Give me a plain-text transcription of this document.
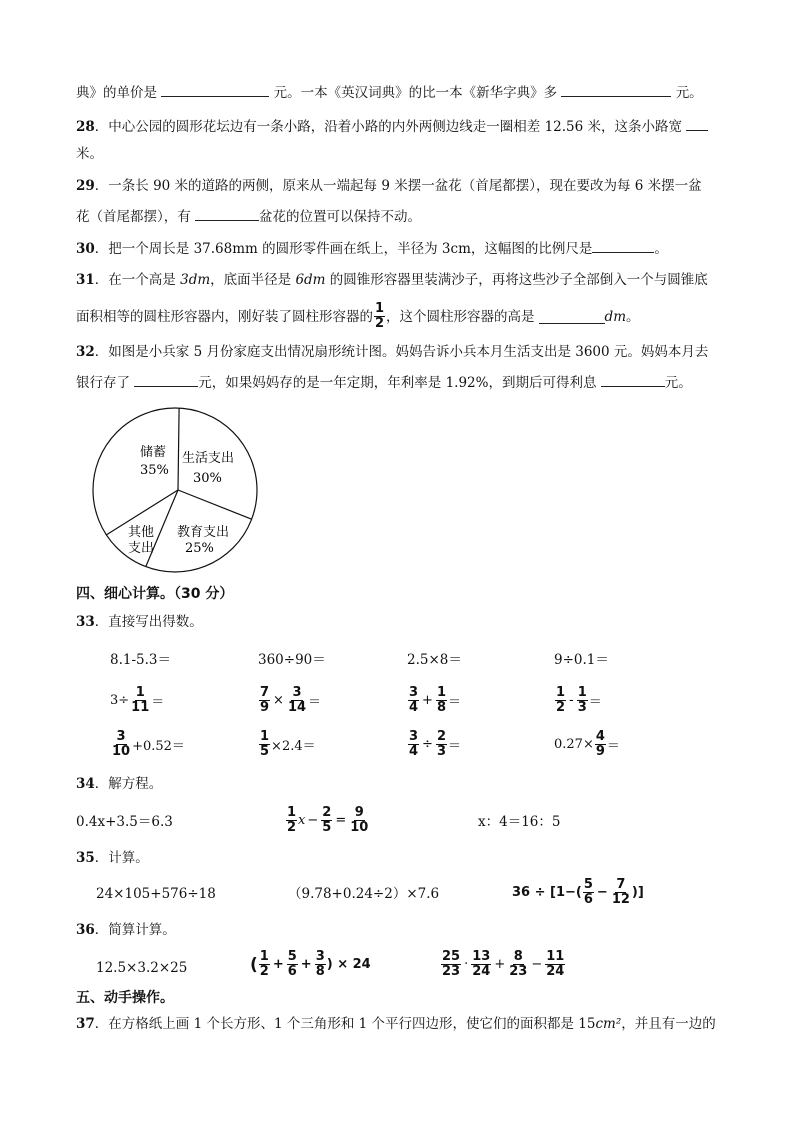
典》的单价是	元。一本《英汉词典》的比一本《新华字典》多	元。
28．中心公园的圆形花坛边有一条小路，沿着小路的内外两侧边线走一圈相差 12.56 米，这条小路宽
米。
29．一条长 90 米的道路的两侧，原来从一端起每 9 米摆一盆花（首尾都摆），现在要改为每 6 米摆一盆
花（首尾都摆），有	盆花的位置可以保持不动。
30．把一个周长是 37.68mm 的圆形零件画在纸上，半径为 3cm，这幅图的比例尺是	。
31．在一个高是 3dm，底面半径是 6dm 的圆锥形容器里装满沙子，再将这些沙子全部倒入一个与圆锥底
面积相等的圆柱形容器内，刚好装了圆柱形容器的 $\frac{1}{2}$ ，这个圆柱形容器的高是	dm 。
32．如图是小兵家 5 月份家庭支出情况扇形统计图。妈妈告诉小兵本月生活支出是 3600 元。妈妈本月去
银行存了	元，如果妈妈存的是一年定期，年利率是 1.92%，到期后可得利息	元。
生活支出
30%
教育支出
25%
其他
支出
储蓄
35%
四、细心计算。（30 分）
33．直接写出得数。
8.1-5.3＝	360÷90＝	2.5×8＝	9÷0.1＝
$3\div \frac{1}{11}$ ＝	$\frac{7}{9} \times \frac{3}{14}$ ＝	$\frac{3}{4} + \frac{1}{8}$ ＝	$\frac{1}{2} - \frac{1}{3}$ ＝
$\frac{3}{10} +0.52=$	$\frac{1}{5} \times 2.4=$	$\frac{3}{4} \div \frac{2}{3}$ ＝	$0.27\times \frac{4}{9}$ ＝
34．解方程。
0.4x+3.5＝6.3	$\frac{1}{2}$ $x - \frac{2}{5} = \frac{9}{10}$	x：4＝16：5
35．计算。
24×105+576÷18	（9.78+0.24÷2）×7.6	$36 \div [1-( \frac{5}{6} - \frac{7}{12}$ )]
36．简算计算。
12.5×3.2×25	( $\frac{1}{2} + \frac{5}{6} + \frac{3}{8}$ ) × 24	$\frac{25}{23} \cdot \frac{13}{24} + \frac{8}{23} - \frac{11}{24}$
五、动手操作。
37．在方格纸上画 1 个长方形、1 个三角形和 1 个平行四边形，使它们的面积都是 15cm²，并且有一边的
